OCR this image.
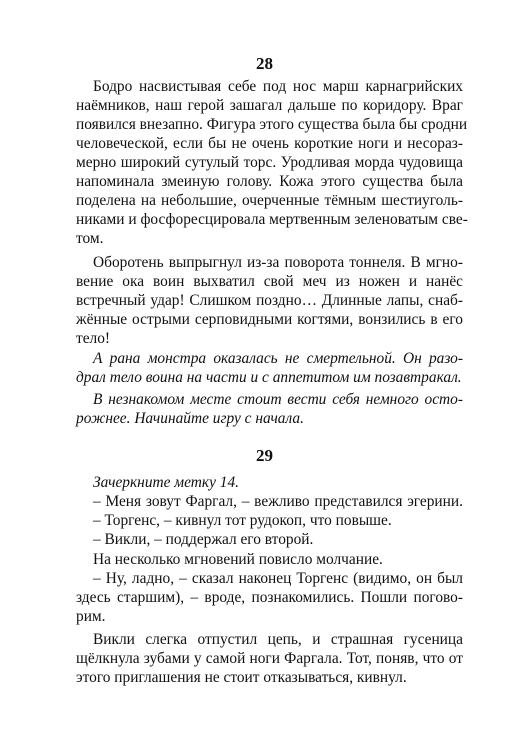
28
Бодро насвистывая себе под нос марш карнагрийских
наёмников, наш герой зашагал дальше по коридору. Враг
появился внезапно. Фигура этого существа была бы сродни
человеческой, если бы не очень короткие ноги и несораз-
мерно широкий сутулый торс. Уродливая морда чудовища
напоминала змеиную голову. Кожа этого существа была
поделена на небольшие, очерченные тёмным шестиуголь-
никами и фосфоресцировала мертвенным зеленоватым све-
том.
Оборотень выпрыгнул из-за поворота тоннеля. В мгно-
вение ока воин выхватил свой меч из ножен и нанёс
встречный удар! Слишком поздно… Длинные лапы, снаб-
жённые острыми серповидными когтями, вонзились в его
тело!
А рана монстра оказалась не смертельной. Он разо-
драл тело воина на части и с аппетитом им позавтракал.
В незнакомом месте стоит вести себя немного осто-
рожнее. Начинайте игру с начала.
29
Зачеркните метку 14.
– Меня зовут Фаргал, – вежливо представился эгерини.
– Торгенс, – кивнул тот рудокоп, что повыше.
– Викли, – поддержал его второй.
На несколько мгновений повисло молчание.
– Ну, ладно, – сказал наконец Торгенс (видимо, он был
здесь старшим), – вроде, познакомились. Пошли погово-
рим.
Викли слегка отпустил цепь, и страшная гусеница
щёлкнула зубами у самой ноги Фаргала. Тот, поняв, что от
этого приглашения не стоит отказываться, кивнул.
